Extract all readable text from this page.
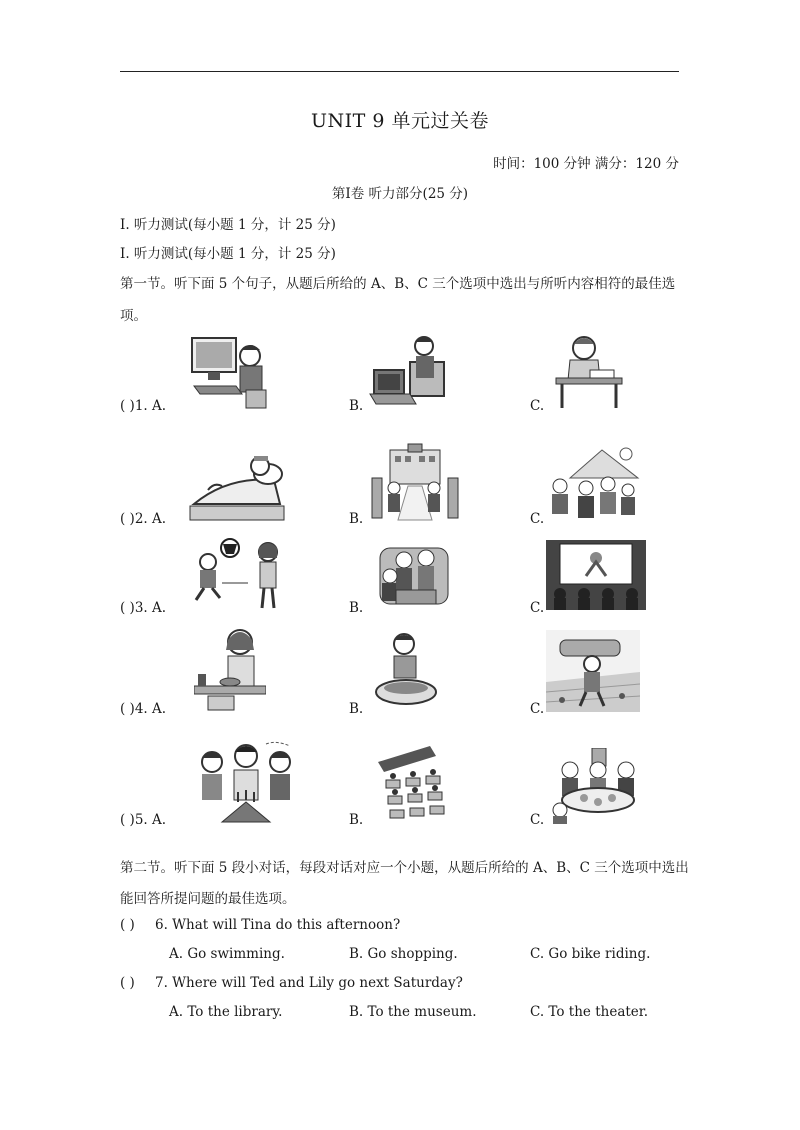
UNIT 9 单元过关卷
时间：100 分钟 满分：120 分
第Ⅰ卷 听力部分(25 分)
Ⅰ. 听力测试(每小题 1 分，计 25 分)
Ⅰ. 听力测试(每小题 1 分，计 25 分)
第一节。听下面 5 个句子，从题后所给的 A、B、C 三个选项中选出与所听内容相符的最佳选
项。
( )1. A.	B.	C.
( )2. A.	B.	C.
( )3. A.	B.	C.
( )4. A.	B.	C.
( )5. A.	B.	C.
第二节。听下面 5 段小对话，每段对话对应一个小题，从题后所给的 A、B、C 三个选项中选出
能回答所提问题的最佳选项。
( ) 6. What will Tina do this afternoon?
A. Go swimming.	B. Go shopping.	C. Go bike riding.
( ) 7. Where will Ted and Lily go next Saturday?
A. To the library.	B. To the museum.	C. To the theater.
